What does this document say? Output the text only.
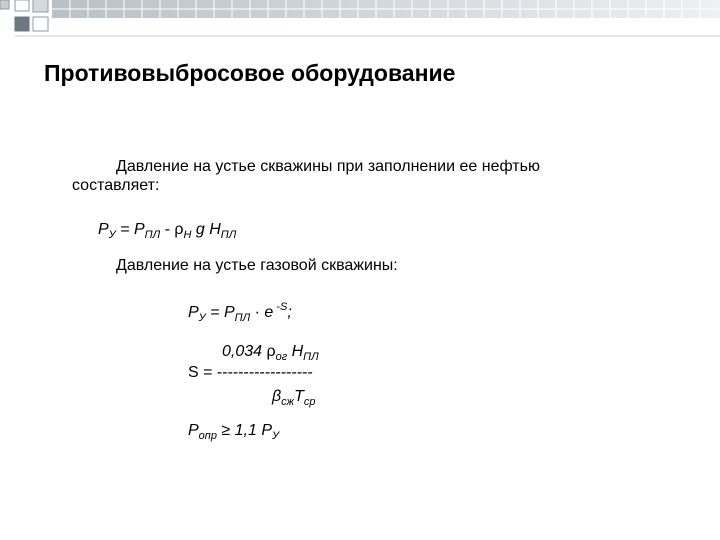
Противовыбросовое оборудование
Давление на устье скважины при заполнении ее нефтью
составляет:
$P_У = P_{ПЛ} - \rho_Н$ g $H_{ПЛ}$
Давление на устье газовой скважины:
$P_У = P_{ПЛ} \cdot e$ $^{-S}$;
0,034 $\rho_{ог}$ $H_{ПЛ}$
S = ------------------
$\beta_{сж}T_{ср}$
$P_{опр} \ge 1,1$ $P_У$
